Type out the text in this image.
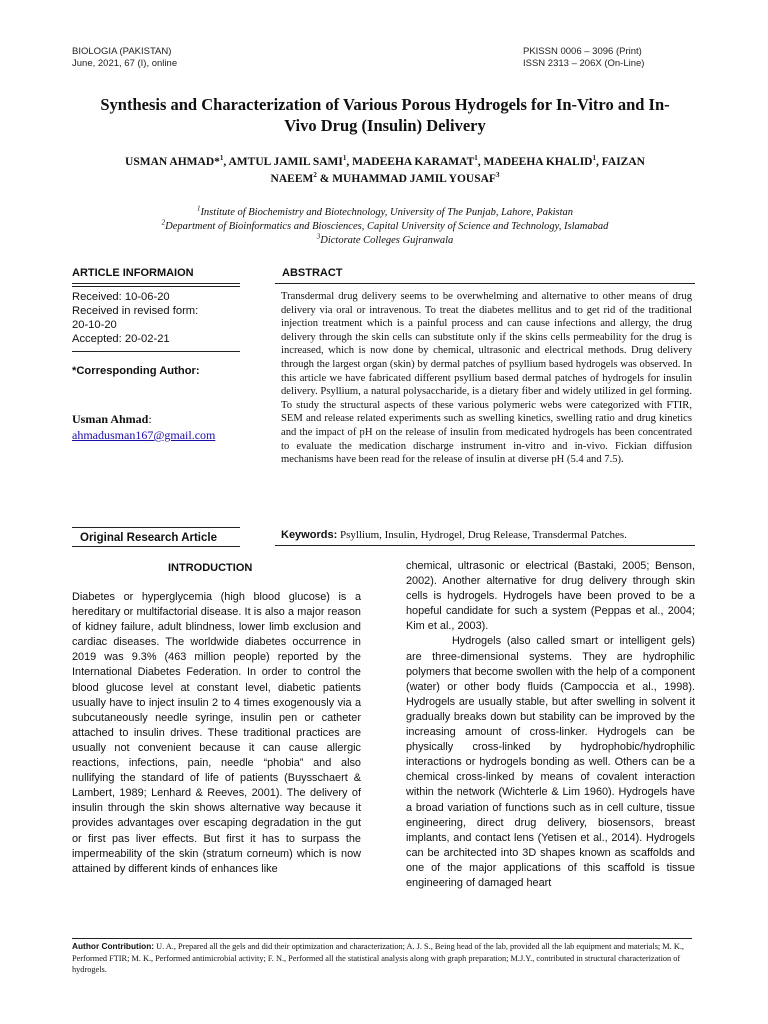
BIOLOGIA (PAKISTAN)
June, 2021, 67 (I), online
PKISSN 0006 – 3096 (Print)
ISSN 2313 – 206X (On-Line)
Synthesis and Characterization of Various Porous Hydrogels for In-Vitro and In-
Vivo Drug (Insulin) Delivery
USMAN AHMAD*$^1$, AMTUL JAMIL SAMI$^1$, MADEEHA KARAMAT$^1$, MADEEHA KHALID$^1$, FAIZAN
NAEEM$^2$ & MUHAMMAD JAMIL YOUSAF$^3$
$^1$Institute of Biochemistry and Biotechnology, University of The Punjab, Lahore, Pakistan
$^2$Department of Bioinformatics and Biosciences, Capital University of Science and Technology, Islamabad
$^3$Dictorate Colleges Gujranwala
ARTICLE INFORMAION	ABSTRACT
Received: 10-06-20
Received in revised form:
20-10-20
Accepted: 20-02-21
*Corresponding Author:
Usman Ahmad:
ahmadusman167@gmail.com
Original Research Article
Transdermal drug delivery seems to be overwhelming and alternative to other means of drug delivery via oral or intravenous. To treat the diabetes mellitus and to get rid of the traditional injection treatment which is a painful process and can cause infections and allergy, the drug delivery through the skin cells can substitute only if the skins cells permeability for the drug is increased, which is now done by chemical, ultrasonic and electrical methods. Drug delivery through the largest organ (skin) by dermal patches of psyllium based hydrogels was observed. In this article we have fabricated different psyllium based dermal patches of hydrogels for insulin delivery. Psyllium, a natural polysaccharide, is a dietary fiber and widely utilized in gel forming. To study the structural aspects of these various polymeric webs were categorized with FTIR, SEM and release related experiments such as swelling kinetics, swelling ratio and drug kinetics and the impact of pH on the release of insulin from medicated hydrogels has been concentrated to evaluate the medication discharge instrument in-vitro and in-vivo. Fickian diffusion mechanisms have been read for the release of insulin at diverse pH (5.4 and 7.5).
Keywords: Psyllium, Insulin, Hydrogel, Drug Release, Transdermal Patches.
INTRODUCTION

Diabetes or hyperglycemia (high blood glucose) is a hereditary or multifactorial disease. It is also a major reason of kidney failure, adult blindness, lower limb exclusion and cardiac diseases. The worldwide diabetes occurrence in 2019 was 9.3% (463 million people) reported by the International Diabetes Federation. In order to control the blood glucose level at constant level, diabetic patients usually have to inject insulin 2 to 4 times exogenously via a subcutaneously needle syringe, insulin pen or catheter attached to insulin drives. These traditional practices are usually not convenient because it can cause allergic reactions, infections, pain, needle “phobia” and also nullifying the standard of life of patients (Buysschaert & Lambert, 1989; Lenhard & Reeves, 2001). The delivery of insulin through the skin shows alternative way because it provides advantages over escaping degradation in the gut or first pas liver effects. But first it has to surpass the impermeability of the skin (stratum corneum) which is now attained by different kinds of enhances like

chemical, ultrasonic or electrical (Bastaki, 2005; Benson, 2002). Another alternative for drug delivery through skin cells is hydrogels. Hydrogels have been proved to be a hopeful candidate for such a system (Peppas et al., 2004; Kim et al., 2003).

Hydrogels (also called smart or intelligent gels) are three-dimensional systems. They are hydrophilic polymers that become swollen with the help of a component (water) or other body fluids (Campoccia et al., 1998). Hydrogels are usually stable, but after swelling in solvent it gradually breaks down but stability can be improved by the increasing amount of cross-linker. Hydrogels can be physically cross-linked by hydrophobic/hydrophilic interactions or hydrogels bonding as well. Others can be a chemical cross-linked by means of covalent interaction within the network (Wichterle & Lim 1960). Hydrogels have a broad variation of functions such as in cell culture, tissue engineering, direct drug delivery, biosensors, breast implants, and contact lens (Yetisen et al., 2014). Hydrogels can be architected into 3D shapes known as scaffolds and one of the major applications of this scaffold is tissue engineering of damaged heart

Author Contribution: U. A., Prepared all the gels and did their optimization and characterization; A. J. S., Being head of the lab, provided all the lab equipment and materials; M. K., Performed FTIR; M. K., Performed antimicrobial activity; F. N., Performed all the statistical analysis along with graph preparation; M.J.Y., contributed in structural characterization of hydrogels.
